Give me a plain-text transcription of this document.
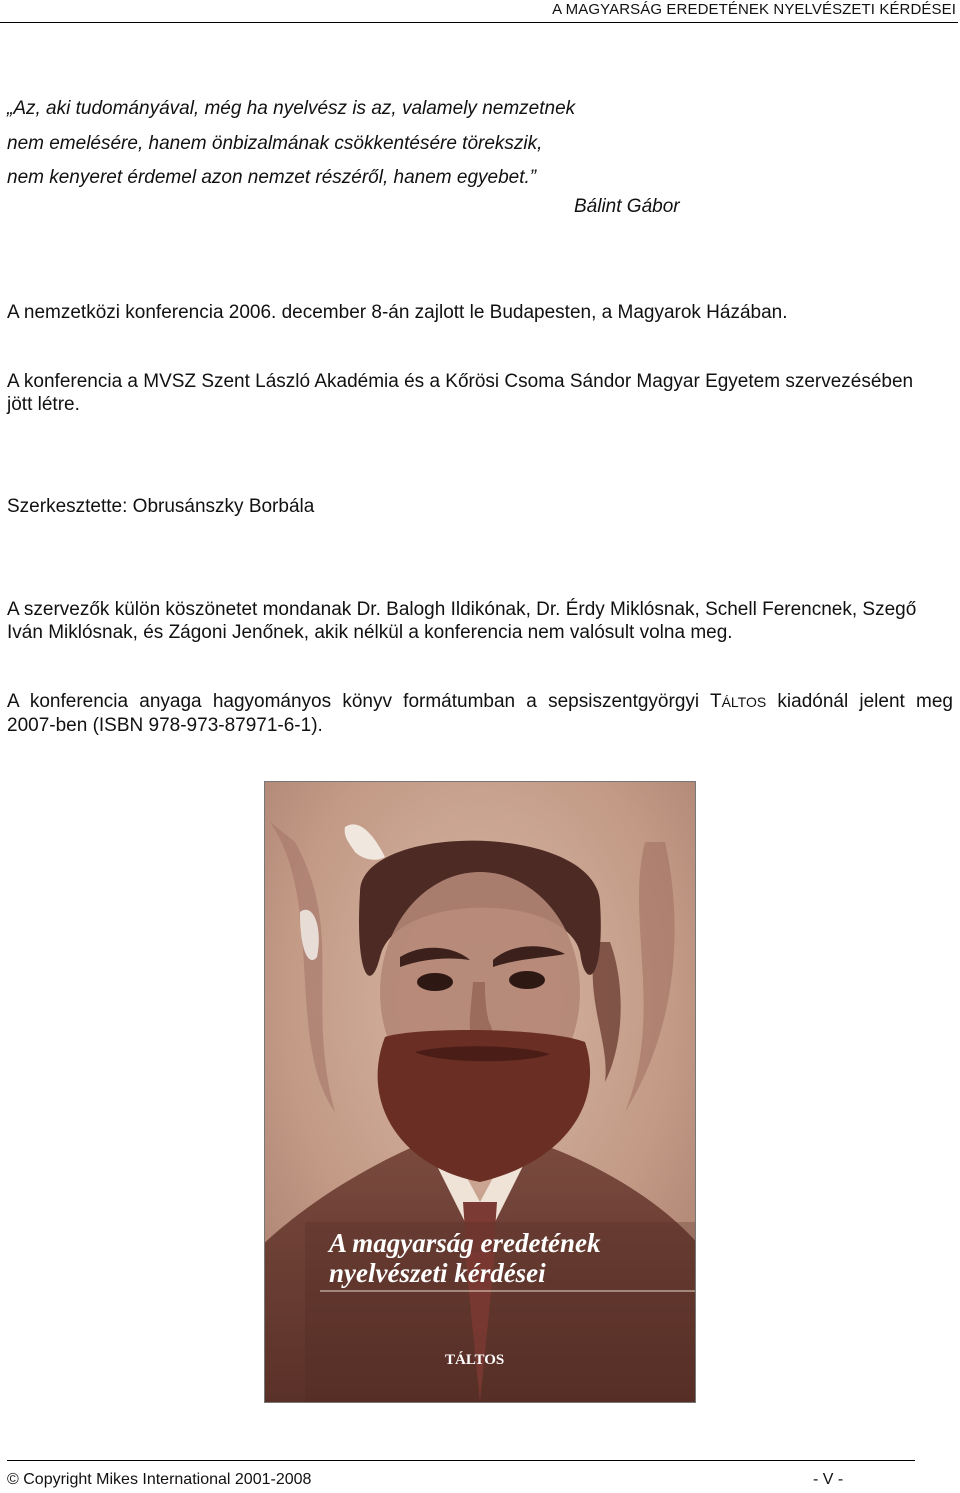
A MAGYARSÁG EREDETÉNEK NYELVÉSZETI KÉRDÉSEI
„Az, aki tudományával, még ha nyelvész is az, valamely nemzetnek
nem emelésére, hanem önbizalmának csökkentésére törekszik,
nem kenyeret érdemel azon nemzet részéről, hanem egyebet.”
Bálint Gábor
A nemzetközi konferencia 2006. december 8-án zajlott le Budapesten, a Magyarok Házában.
A konferencia a MVSZ Szent László Akadémia és a Kőrösi Csoma Sándor Magyar Egyetem szervezésében
jött létre.
Szerkesztette: Obrusánszky Borbála
A szervezők külön köszönetet mondanak Dr. Balogh Ildikónak, Dr. Érdy Miklósnak, Schell Ferencnek, Szegő
Iván Miklósnak, és Zágoni Jenőnek, akik nélkül a konferencia nem valósult volna meg.
A konferencia anyaga hagyományos könyv formátumban a sepsiszentgyörgyi TÁLTOS kiadónál jelent meg
2007-ben (ISBN 978-973-87971-6-1).
A magyarság eredetének
nyelvészeti kérdései
TÁLTOS
© Copyright Mikes International 2001-2008	- V -
